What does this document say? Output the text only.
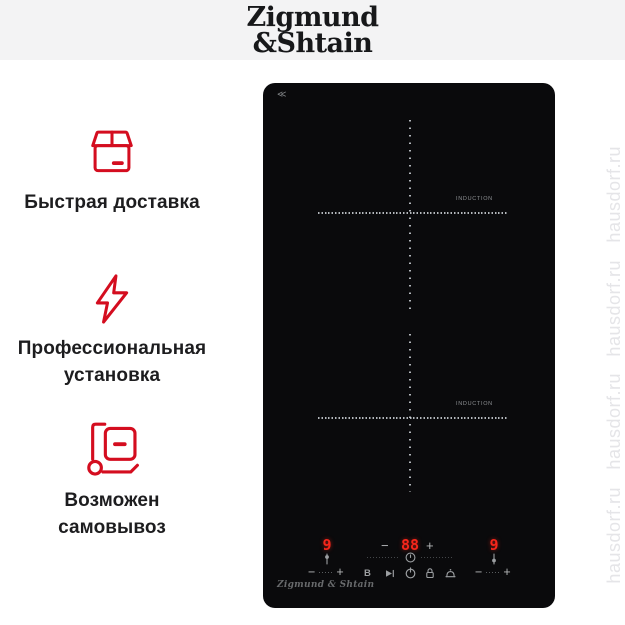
Zigmund
&Shtain
Быстрая доставка
Профессиональная
установка
Возможен
самовывоз
≪
INDUCTION
INDUCTION
9	88	9
−	+
− +	− +
B
Zigmund & Shtain
hausdorf.ru
hausdorf.ru
hausdorf.ru
hausdorf.ru
